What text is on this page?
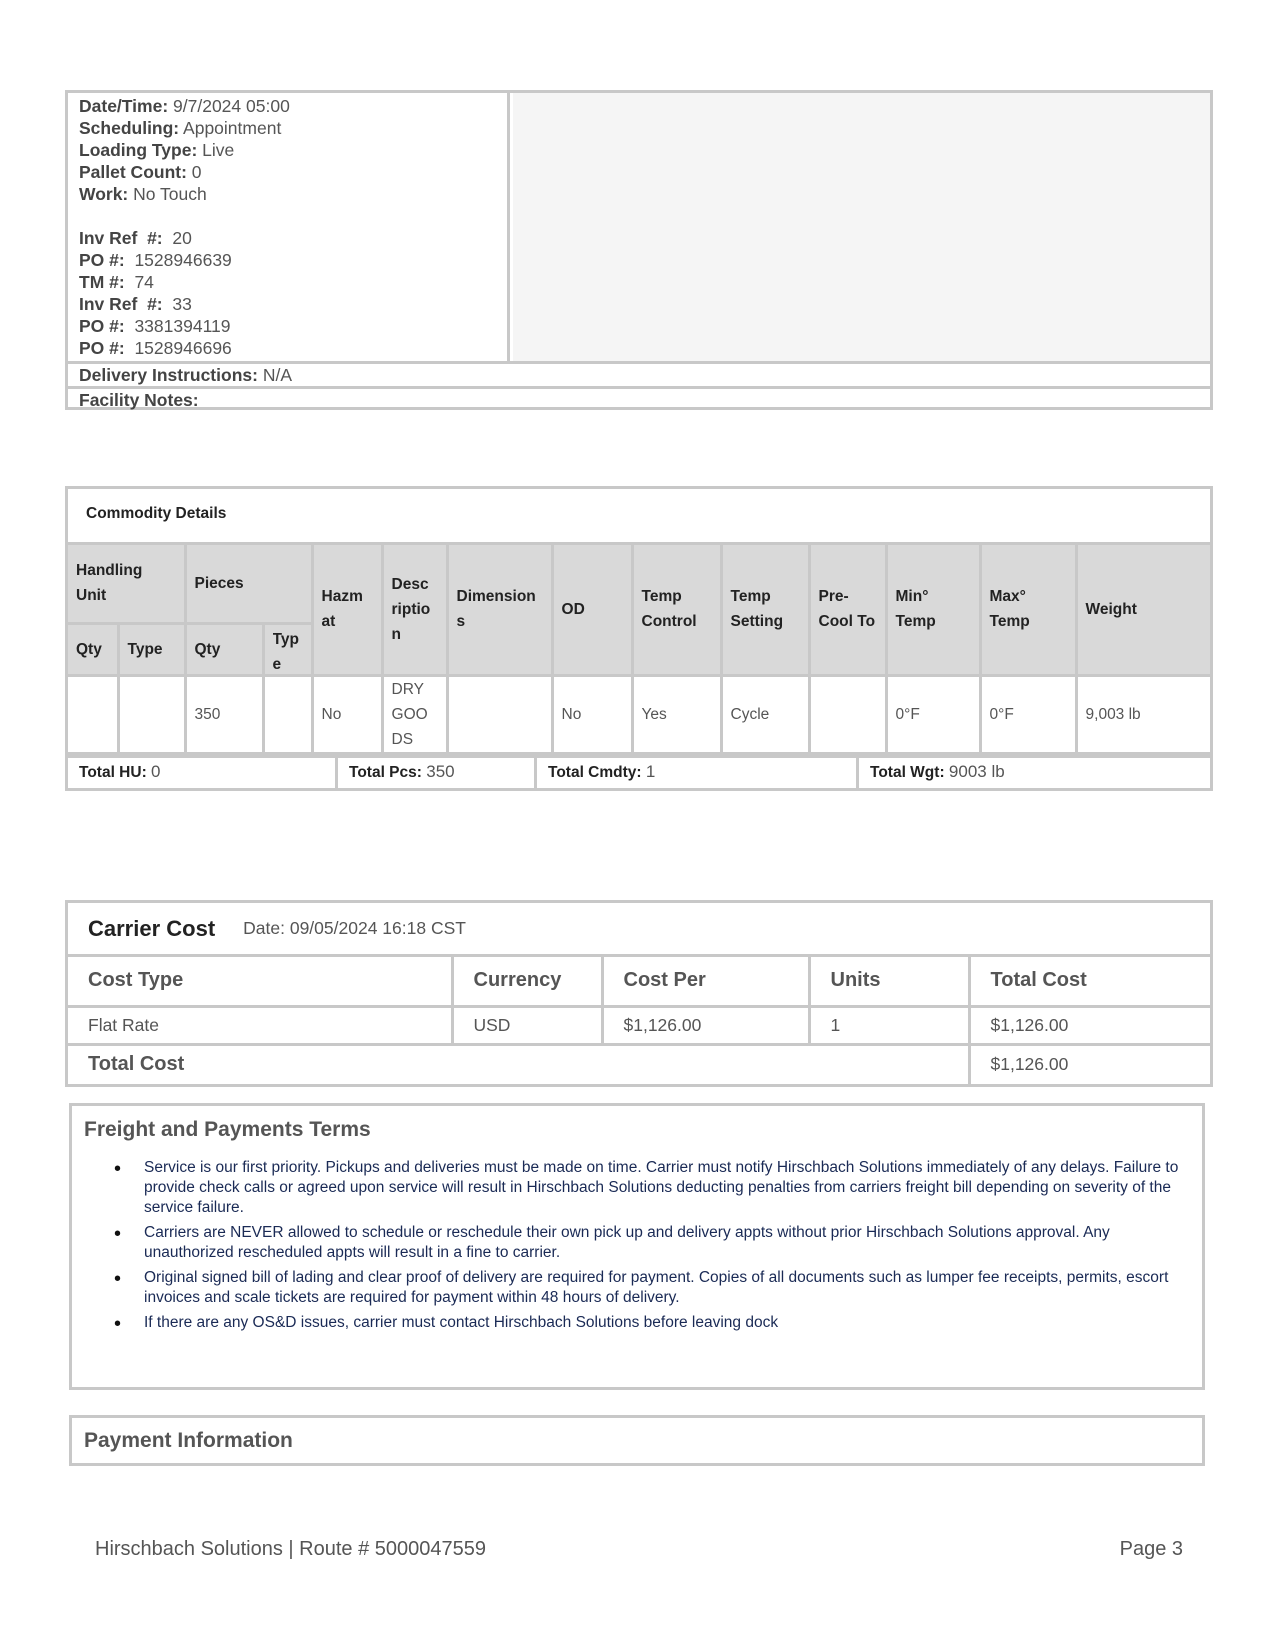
Date/Time: 9/7/2024 05:00
Scheduling: Appointment
Loading Type: Live
Pallet Count: 0
Work: No Touch
Inv Ref  #: 20
PO #: 1528946639
TM #: 74
Inv Ref  #: 33
PO #: 3381394119
PO #: 1528946696
Delivery Instructions: N/A
Facility Notes:
Commodity Details
Handling Unit		Pieces		Hazm at	Desc riptio n	Dimension s	OD	Temp Control	Temp Setting	Pre- Cool To	Min° Temp	Max° Temp	Weight
Qty	Type	Qty	Typ e										

		350		No	DRY GOO DS		No	Yes	Cycle		0°F	0°F	9,003 lb
Total HU: 0	Total Pcs: 350	Total Cmdty: 1	Total Wgt: 9003 lb
Carrier Cost Date: 09/05/2024 16:18 CST
Cost Type	Currency	Cost Per	Units	Total Cost
Flat Rate	USD	$1,126.00	1	$1,126.00
Total Cost				$1,126.00
Freight and Payments Terms
• Service is our first priority. Pickups and deliveries must be made on time. Carrier must notify Hirschbach Solutions immediately of any delays. Failure to provide check calls or agreed upon service will result in Hirschbach Solutions deducting penalties from carriers freight bill depending on severity of the service failure.
• Carriers are NEVER allowed to schedule or reschedule their own pick up and delivery appts without prior Hirschbach Solutions approval. Any unauthorized rescheduled appts will result in a fine to carrier.
• Original signed bill of lading and clear proof of delivery are required for payment. Copies of all documents such as lumper fee receipts, permits, escort invoices and scale tickets are required for payment within 48 hours of delivery.
• If there are any OS&D issues, carrier must contact Hirschbach Solutions before leaving dock
Payment Information
Hirschbach Solutions | Route # 5000047559	Page 3
